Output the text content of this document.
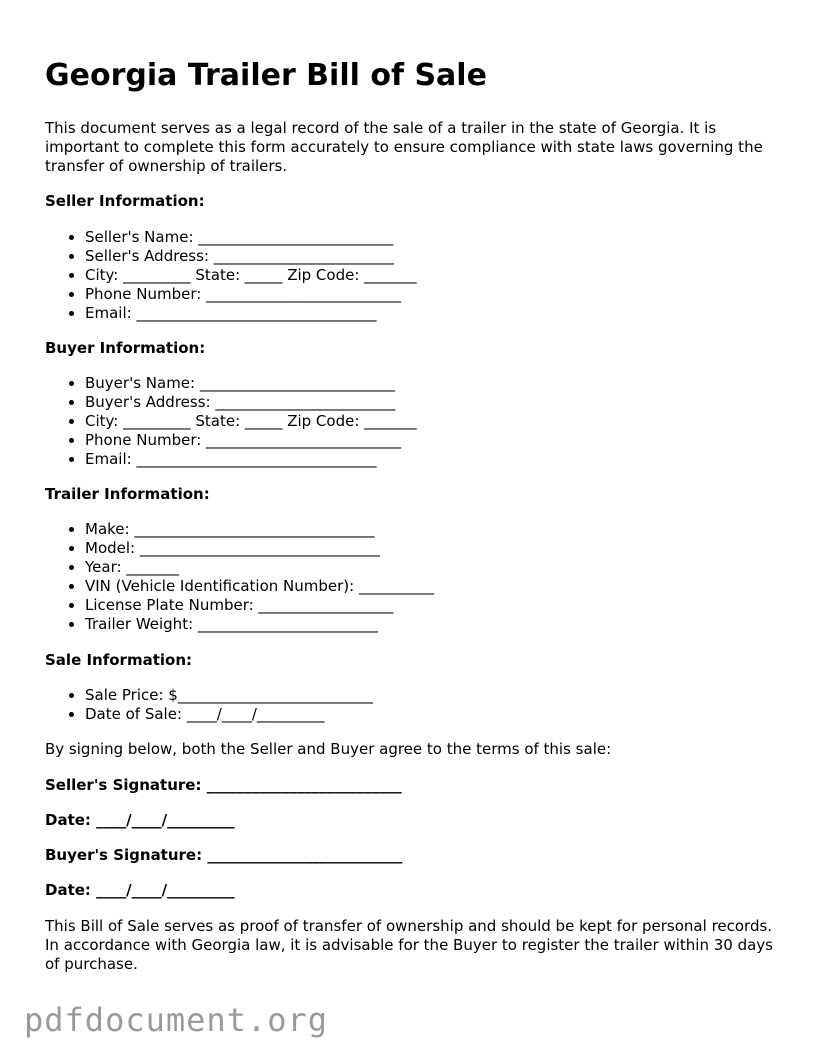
Georgia Trailer Bill of Sale

This document serves as a legal record of the sale of a trailer in the state of Georgia. It is important to complete this form accurately to ensure compliance with state laws governing the transfer of ownership of trailers.

Seller Information:

• Seller's Name: __________________________
• Seller's Address: ________________________
• City: _________ State: _____ Zip Code: _______
• Phone Number: __________________________
• Email: ________________________________

Buyer Information:

• Buyer's Name: __________________________
• Buyer's Address: ________________________
• City: _________ State: _____ Zip Code: _______
• Phone Number: __________________________
• Email: ________________________________

Trailer Information:

• Make: ________________________________
• Model: ________________________________
• Year: _______
• VIN (Vehicle Identification Number): __________
• License Plate Number: __________________
• Trailer Weight: ________________________

Sale Information:

• Sale Price: $__________________________
• Date of Sale: ____/____/_________

By signing below, both the Seller and Buyer agree to the terms of this sale:

Seller's Signature: __________________________

Date: ____/____/_________

Buyer's Signature: __________________________

Date: ____/____/_________

This Bill of Sale serves as proof of transfer of ownership and should be kept for personal records. In accordance with Georgia law, it is advisable for the Buyer to register the trailer within 30 days of purchase.

pdfdocument.org
